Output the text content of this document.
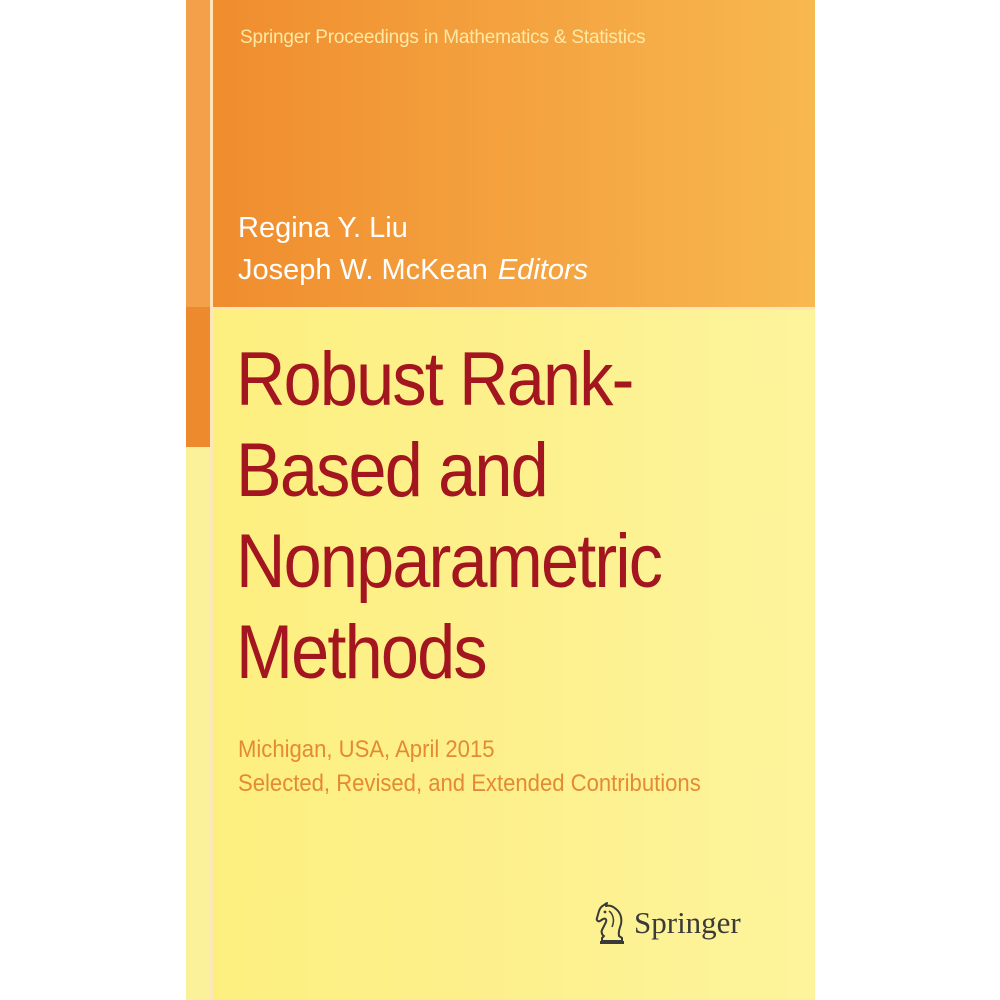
Springer Proceedings in Mathematics & Statistics
Regina Y. Liu
Joseph W. McKean Editors
Robust Rank-
Based and
Nonparametric
Methods
Michigan, USA, April 2015
Selected, Revised, and Extended Contributions
Springer
